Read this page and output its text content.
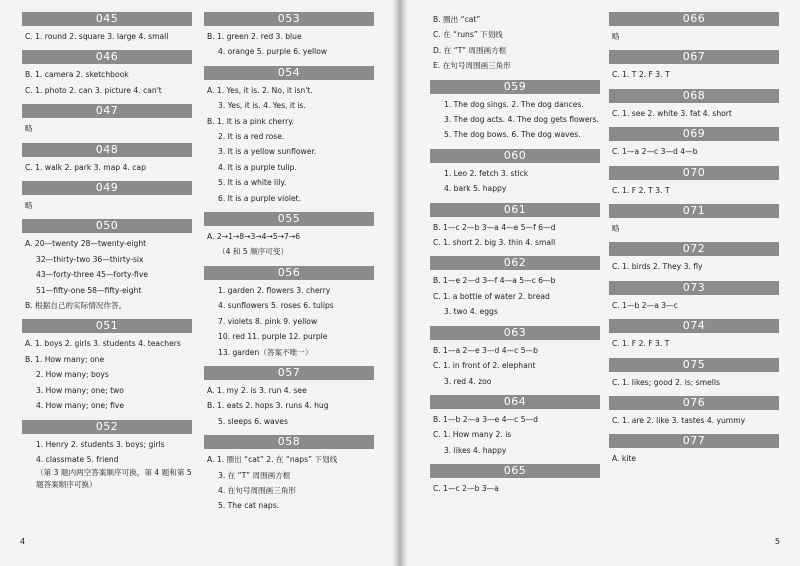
045
C. 1. round 2. square 3. large 4. small
046
B. 1. camera 2. sketchbook
C. 1. photo 2. can 3. picture 4. can't
047
略
048
C. 1. walk 2. park 3. map 4. cap
049
略
050
A. 20—twenty 28—twenty-eight
32—thirty-two 36—thirty-six
43—forty-three 45—forty-five
51—fifty-one 58—fifty-eight
B. 根据自己的实际情况作答。
051
A. 1. boys 2. girls 3. students 4. teachers
B. 1. How many; one
2. How many; boys
3. How many; one; two
4. How many; one; five
052
1. Henry 2. students 3. boys; girls
4. classmate 5. friend
（第 3 题内两空答案顺序可换，第 4 题和第 5 题答案顺序可换）
053
B. 1. green 2. red 3. blue
4. orange 5. purple 6. yellow
054
A. 1. Yes, it is. 2. No, it isn't.
3. Yes, it is. 4. Yes, it is.
B. 1. It is a pink cherry.
2. It is a red rose.
3. It is a yellow sunflower.
4. It is a purple tulip.
5. It is a white lily.
6. It is a purple violet.
055
A. 2→1→8→3→4→5→7→6
（4 和 5 顺序可变）
056
1. garden 2. flowers 3. cherry
4. sunflowers 5. roses 6. tulips
7. violets 8. pink 9. yellow
10. red 11. purple 12. purple
13. garden（答案不唯一）
057
A. 1. my 2. is 3. run 4. see
B. 1. eats 2. hops 3. runs 4. hug
5. sleeps 6. waves
058
A. 1. 圈出 “cat” 2. 在 “naps” 下划线
3. 在 “T” 周围画方框
4. 在句号周围画三角形
5. The cat naps.
4
B. 圈出 “cat”
C. 在 “runs” 下划线
D. 在 “T” 周围画方框
E. 在句号周围画三角形
059
1. The dog sings. 2. The dog dances.
3. The dog acts. 4. The dog gets flowers.
5. The dog bows. 6. The dog waves.
060
1. Leo 2. fetch 3. stick
4. bark 5. happy
061
B. 1—c 2—b 3—a 4—e 5—f 6—d
C. 1. short 2. big 3. thin 4. small
062
B. 1—e 2—d 3—f 4—a 5—c 6—b
C. 1. a bottle of water 2. bread
3. two 4. eggs
063
B. 1—a 2—e 3—d 4—c 5—b
C. 1. in front of 2. elephant
3. red 4. zoo
064
B. 1—b 2—a 3—e 4—c 5—d
C. 1. How many 2. is
3. likes 4. happy
065
C. 1—c 2—b 3—a
066
略
067
C. 1. T 2. F 3. T
068
C. 1. see 2. white 3. fat 4. short
069
C. 1—a 2—c 3—d 4—b
070
C. 1. F 2. T 3. T
071
略
072
C. 1. birds 2. They 3. fly
073
C. 1—b 2—a 3—c
074
C. 1. F 2. F 3. T
075
C. 1. likes; good 2. is; smells
076
C. 1. are 2. like 3. tastes 4. yummy
077
A. kite
5
